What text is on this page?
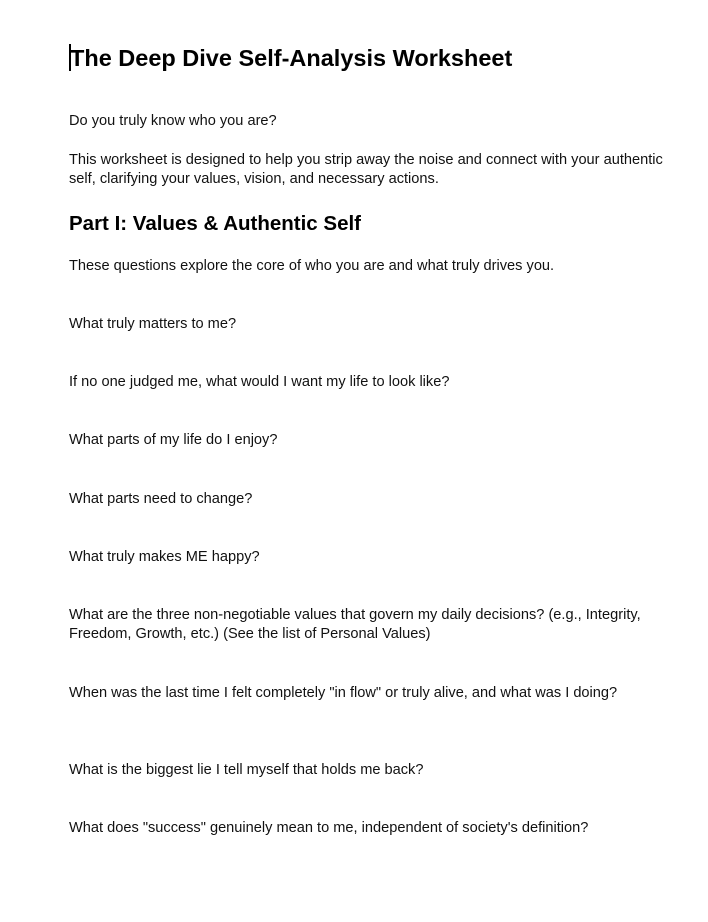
The Deep Dive Self-Analysis Worksheet
Do you truly know who you are?
This worksheet is designed to help you strip away the noise and connect with your authentic self, clarifying your values, vision, and necessary actions.
Part I: Values & Authentic Self
These questions explore the core of who you are and what truly drives you.
What truly matters to me?
If no one judged me, what would I want my life to look like?
What parts of my life do I enjoy?
What parts need to change?
What truly makes ME happy?
What are the three non-negotiable values that govern my daily decisions? (e.g., Integrity, Freedom, Growth, etc.) (See the list of Personal Values)
When was the last time I felt completely "in flow" or truly alive, and what was I doing?
What is the biggest lie I tell myself that holds me back?
What does "success" genuinely mean to me, independent of society's definition?
